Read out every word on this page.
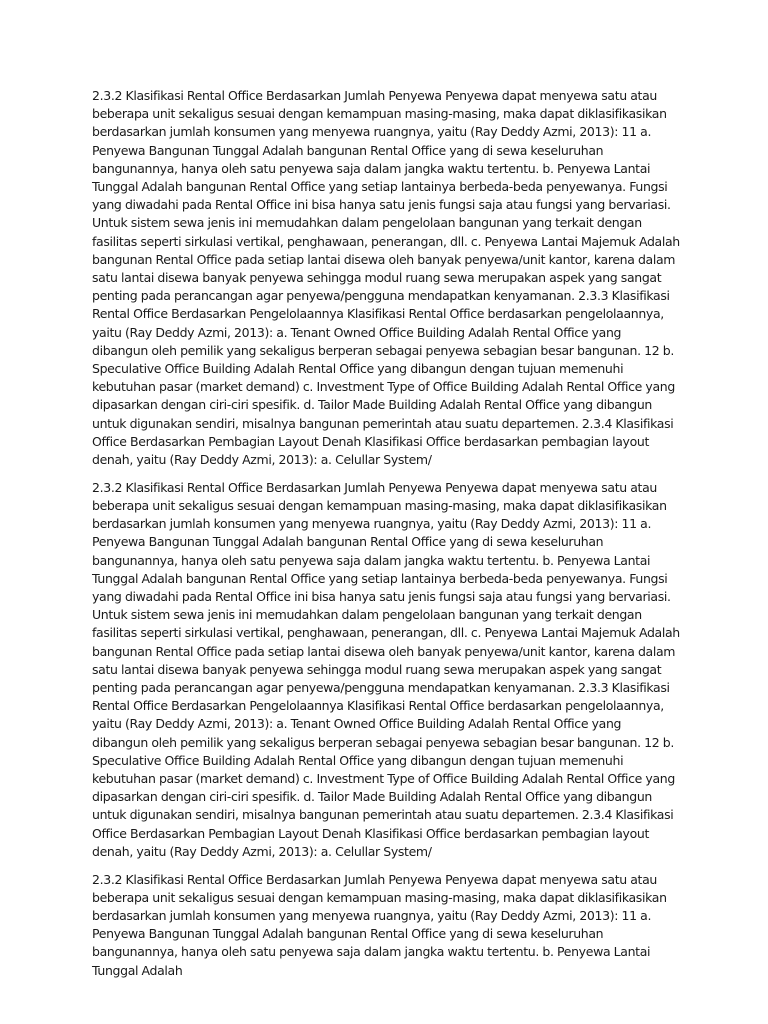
2.3.2 Klasifikasi Rental Office Berdasarkan Jumlah Penyewa Penyewa dapat menyewa satu atau beberapa unit sekaligus sesuai dengan kemampuan masing-masing, maka dapat diklasifikasikan berdasarkan jumlah konsumen yang menyewa ruangnya, yaitu (Ray Deddy Azmi, 2013): 11 a. Penyewa Bangunan Tunggal Adalah bangunan Rental Office yang di sewa keseluruhan bangunannya, hanya oleh satu penyewa saja dalam jangka waktu tertentu. b. Penyewa Lantai Tunggal Adalah bangunan Rental Office yang setiap lantainya berbeda-beda penyewanya. Fungsi yang diwadahi pada Rental Office ini bisa hanya satu jenis fungsi saja atau fungsi yang bervariasi. Untuk sistem sewa jenis ini memudahkan dalam pengelolaan bangunan yang terkait dengan fasilitas seperti sirkulasi vertikal, penghawaan, penerangan, dll. c. Penyewa Lantai Majemuk Adalah bangunan Rental Office pada setiap lantai disewa oleh banyak penyewa/unit kantor, karena dalam satu lantai disewa banyak penyewa sehingga modul ruang sewa merupakan aspek yang sangat penting pada perancangan agar penyewa/pengguna mendapatkan kenyamanan. 2.3.3 Klasifikasi Rental Office Berdasarkan Pengelolaannya Klasifikasi Rental Office berdasarkan pengelolaannya, yaitu (Ray Deddy Azmi, 2013): a. Tenant Owned Office Building Adalah Rental Office yang dibangun oleh pemilik yang sekaligus berperan sebagai penyewa sebagian besar bangunan. 12 b. Speculative Office Building Adalah Rental Office yang dibangun dengan tujuan memenuhi kebutuhan pasar (market demand) c. Investment Type of Office Building Adalah Rental Office yang dipasarkan dengan ciri-ciri spesifik. d. Tailor Made Building Adalah Rental Office yang dibangun untuk digunakan sendiri, misalnya bangunan pemerintah atau suatu departemen. 2.3.4 Klasifikasi Office Berdasarkan Pembagian Layout Denah Klasifikasi Office berdasarkan pembagian layout denah, yaitu (Ray Deddy Azmi, 2013): a. Celullar System/

2.3.2 Klasifikasi Rental Office Berdasarkan Jumlah Penyewa Penyewa dapat menyewa satu atau beberapa unit sekaligus sesuai dengan kemampuan masing-masing, maka dapat diklasifikasikan berdasarkan jumlah konsumen yang menyewa ruangnya, yaitu (Ray Deddy Azmi, 2013): 11 a. Penyewa Bangunan Tunggal Adalah bangunan Rental Office yang di sewa keseluruhan bangunannya, hanya oleh satu penyewa saja dalam jangka waktu tertentu. b. Penyewa Lantai Tunggal Adalah bangunan Rental Office yang setiap lantainya berbeda-beda penyewanya. Fungsi yang diwadahi pada Rental Office ini bisa hanya satu jenis fungsi saja atau fungsi yang bervariasi. Untuk sistem sewa jenis ini memudahkan dalam pengelolaan bangunan yang terkait dengan fasilitas seperti sirkulasi vertikal, penghawaan, penerangan, dll. c. Penyewa Lantai Majemuk Adalah bangunan Rental Office pada setiap lantai disewa oleh banyak penyewa/unit kantor, karena dalam satu lantai disewa banyak penyewa sehingga modul ruang sewa merupakan aspek yang sangat penting pada perancangan agar penyewa/pengguna mendapatkan kenyamanan. 2.3.3 Klasifikasi Rental Office Berdasarkan Pengelolaannya Klasifikasi Rental Office berdasarkan pengelolaannya, yaitu (Ray Deddy Azmi, 2013): a. Tenant Owned Office Building Adalah Rental Office yang dibangun oleh pemilik yang sekaligus berperan sebagai penyewa sebagian besar bangunan. 12 b. Speculative Office Building Adalah Rental Office yang dibangun dengan tujuan memenuhi kebutuhan pasar (market demand) c. Investment Type of Office Building Adalah Rental Office yang dipasarkan dengan ciri-ciri spesifik. d. Tailor Made Building Adalah Rental Office yang dibangun untuk digunakan sendiri, misalnya bangunan pemerintah atau suatu departemen. 2.3.4 Klasifikasi Office Berdasarkan Pembagian Layout Denah Klasifikasi Office berdasarkan pembagian layout denah, yaitu (Ray Deddy Azmi, 2013): a. Celullar System/

2.3.2 Klasifikasi Rental Office Berdasarkan Jumlah Penyewa Penyewa dapat menyewa satu atau beberapa unit sekaligus sesuai dengan kemampuan masing-masing, maka dapat diklasifikasikan berdasarkan jumlah konsumen yang menyewa ruangnya, yaitu (Ray Deddy Azmi, 2013): 11 a. Penyewa Bangunan Tunggal Adalah bangunan Rental Office yang di sewa keseluruhan bangunannya, hanya oleh satu penyewa saja dalam jangka waktu tertentu. b. Penyewa Lantai Tunggal Adalah
